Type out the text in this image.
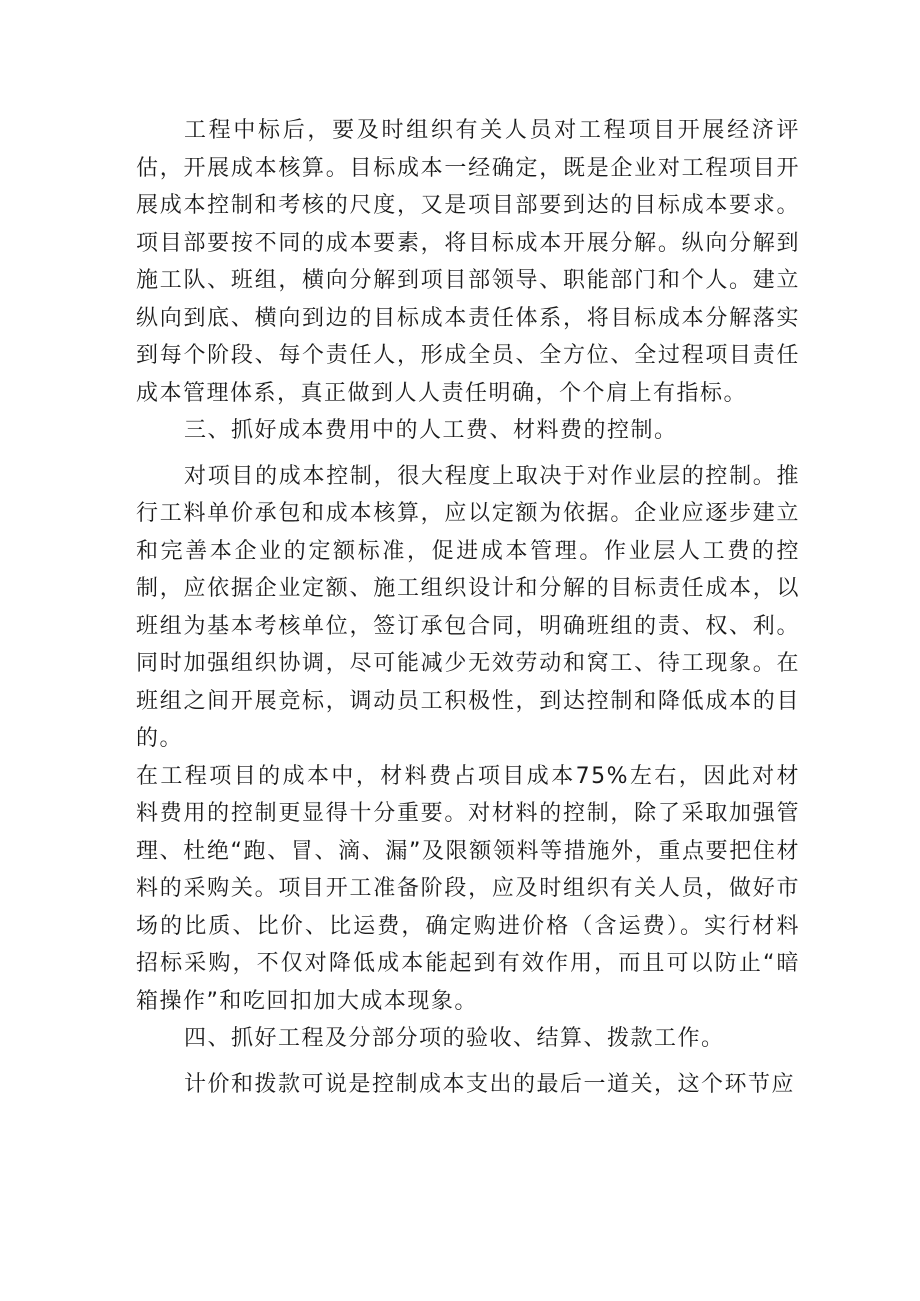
工程中标后，要及时组织有关人员对工程项目开展经济评估，开展成本核算。目标成本一经确定，既是企业对工程项目开展成本控制和考核的尺度，又是项目部要到达的目标成本要求。项目部要按不同的成本要素，将目标成本开展分解。纵向分解到施工队、班组，横向分解到项目部领导、职能部门和个人。建立纵向到底、横向到边的目标成本责任体系，将目标成本分解落实到每个阶段、每个责任人，形成全员、全方位、全过程项目责任成本管理体系，真正做到人人责任明确，个个肩上有指标。

三、抓好成本费用中的人工费、材料费的控制。

对项目的成本控制，很大程度上取决于对作业层的控制。推行工料单价承包和成本核算，应以定额为依据。企业应逐步建立和完善本企业的定额标准，促进成本管理。作业层人工费的控制，应依据企业定额、施工组织设计和分解的目标责任成本，以班组为基本考核单位，签订承包合同，明确班组的责、权、利。同时加强组织协调，尽可能减少无效劳动和窝工、待工现象。在班组之间开展竞标，调动员工积极性，到达控制和降低成本的目的。

在工程项目的成本中，材料费占项目成本75%左右，因此对材料费用的控制更显得十分重要。对材料的控制，除了采取加强管理、杜绝“跑、冒、滴、漏”及限额领料等措施外，重点要把住材料的采购关。项目开工准备阶段，应及时组织有关人员，做好市场的比质、比价、比运费，确定购进价格（含运费）。实行材料招标采购，不仅对降低成本能起到有效作用，而且可以防止“暗箱操作”和吃回扣加大成本现象。

四、抓好工程及分部分项的验收、结算、拨款工作。

计价和拨款可说是控制成本支出的最后一道关，这个环节应
